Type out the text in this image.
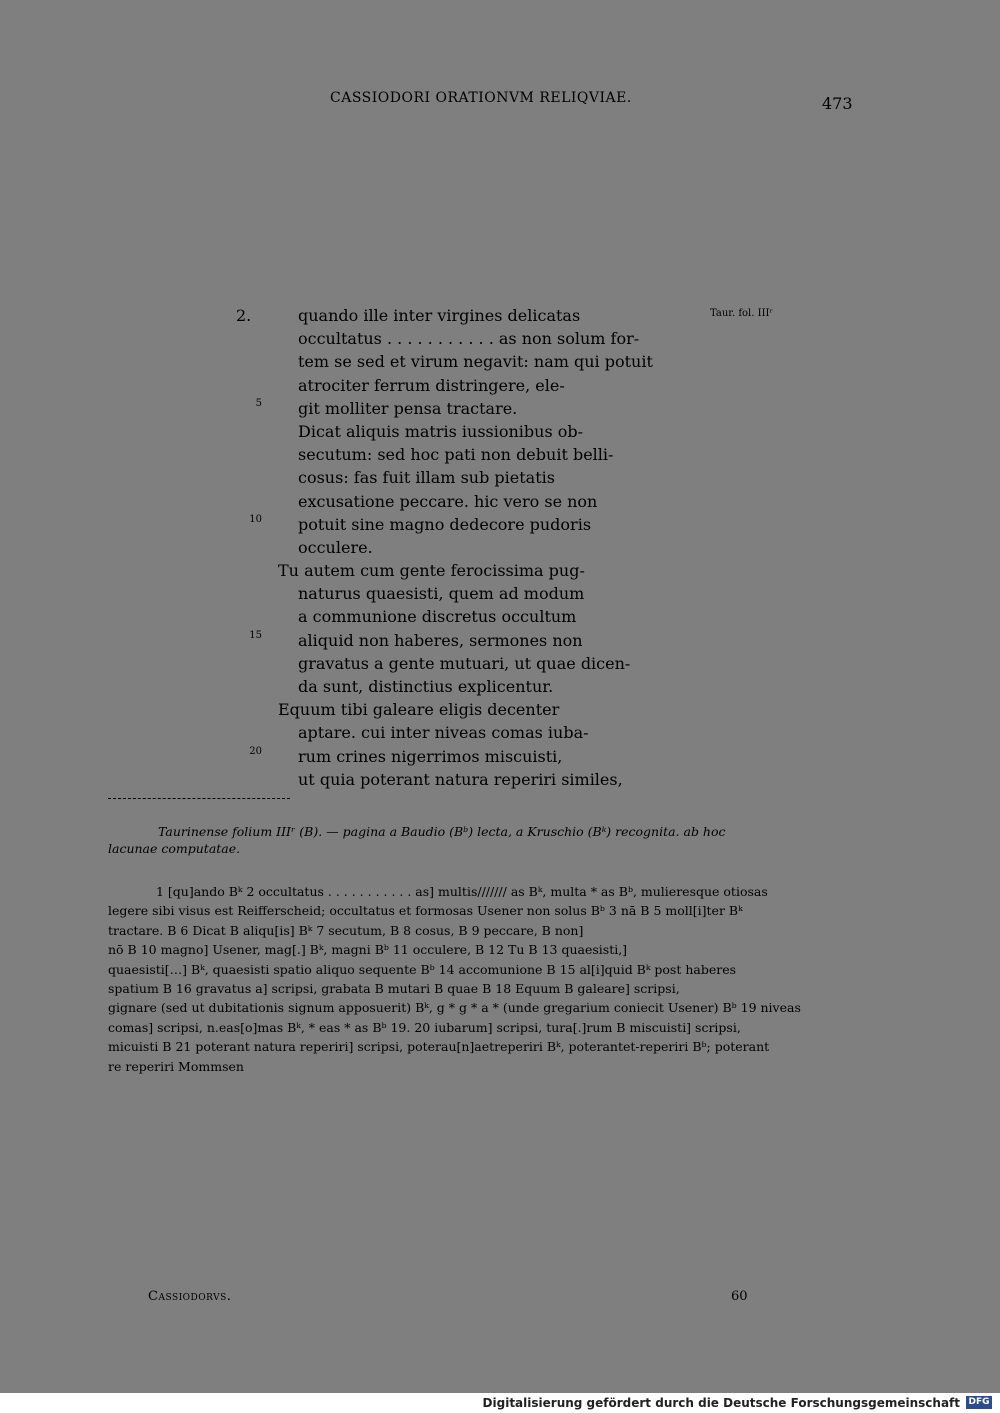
CASSIODORI ORATIONVM RELIQVIAE.	473
2.	Taur. fol. IIIʳ
5
10
15
20
quando ille inter virgines delicatas
occultatus . . . . . . . . . . . as non solum for-
tem se sed et virum negavit: nam qui potuit
atrociter ferrum distringere, ele-
git molliter pensa tractare.
Dicat aliquis matris iussionibus ob-
secutum: sed hoc pati non debuit belli-
cosus: fas fuit illam sub pietatis
excusatione peccare. hic vero se non
potuit sine magno dedecore pudoris
occulere.
Tu autem cum gente ferocissima pug-
naturus quaesisti, quem ad modum
a communione discretus occultum
aliquid non haberes, sermones non
gravatus a gente mutuari, ut quae dicen-
da sunt, distinctius explicentur.
Equum tibi galeare eligis decenter
aptare. cui inter niveas comas iuba-
rum crines nigerrimos miscuisti,
ut quia poterant natura reperiri similes,
Taurinense folium IIIʳ (B). — pagina a Baudio (Bᵇ) lecta, a Kruschio (Bᵏ) recognita. ab hoc
lacunae computatae.
1 [qu]ando Bᵏ 2 occultatus . . . . . . . . . . . as] multis/////// as Bᵏ, multa * as Bᵇ, mulieresque otiosas
legere sibi visus est Reifferscheid; occultatus et formosas Usener non solus Bᵇ 3 nā B 5 moll[i]ter Bᵏ
tractare. B 6 Dicat B aliqu[is] Bᵏ 7 secutum, B 8 cosus, B 9 peccare, B non]
nō B 10 magno] Usener, mag[.] Bᵏ, magni Bᵇ 11 occulere, B 12 Tu B 13 quaesisti,]
quaesisti[…] Bᵏ, quaesisti spatio aliquo sequente Bᵇ 14 accomunione B 15 al[i]quid Bᵏ post haberes
spatium B 16 gravatus a] scripsi, grabata B mutari B quae B 18 Equum B galeare] scripsi,
gignare (sed ut dubitationis signum apposuerit) Bᵏ, g * g * a * (unde gregarium coniecit Usener) Bᵇ 19 niveas
comas] scripsi, n.eas[o]mas Bᵏ, * eas * as Bᵇ 19. 20 iubarum] scripsi, tura[.]rum B miscuisti] scripsi,
micuisti B 21 poterant natura reperiri] scripsi, poterau[n]aetreperiri Bᵏ, poterantet-reperiri Bᵇ; poterant
re reperiri Mommsen
Cassiodorvs.	60
Digitalisierung gefördert durch die Deutsche Forschungsgemeinschaft DFG
